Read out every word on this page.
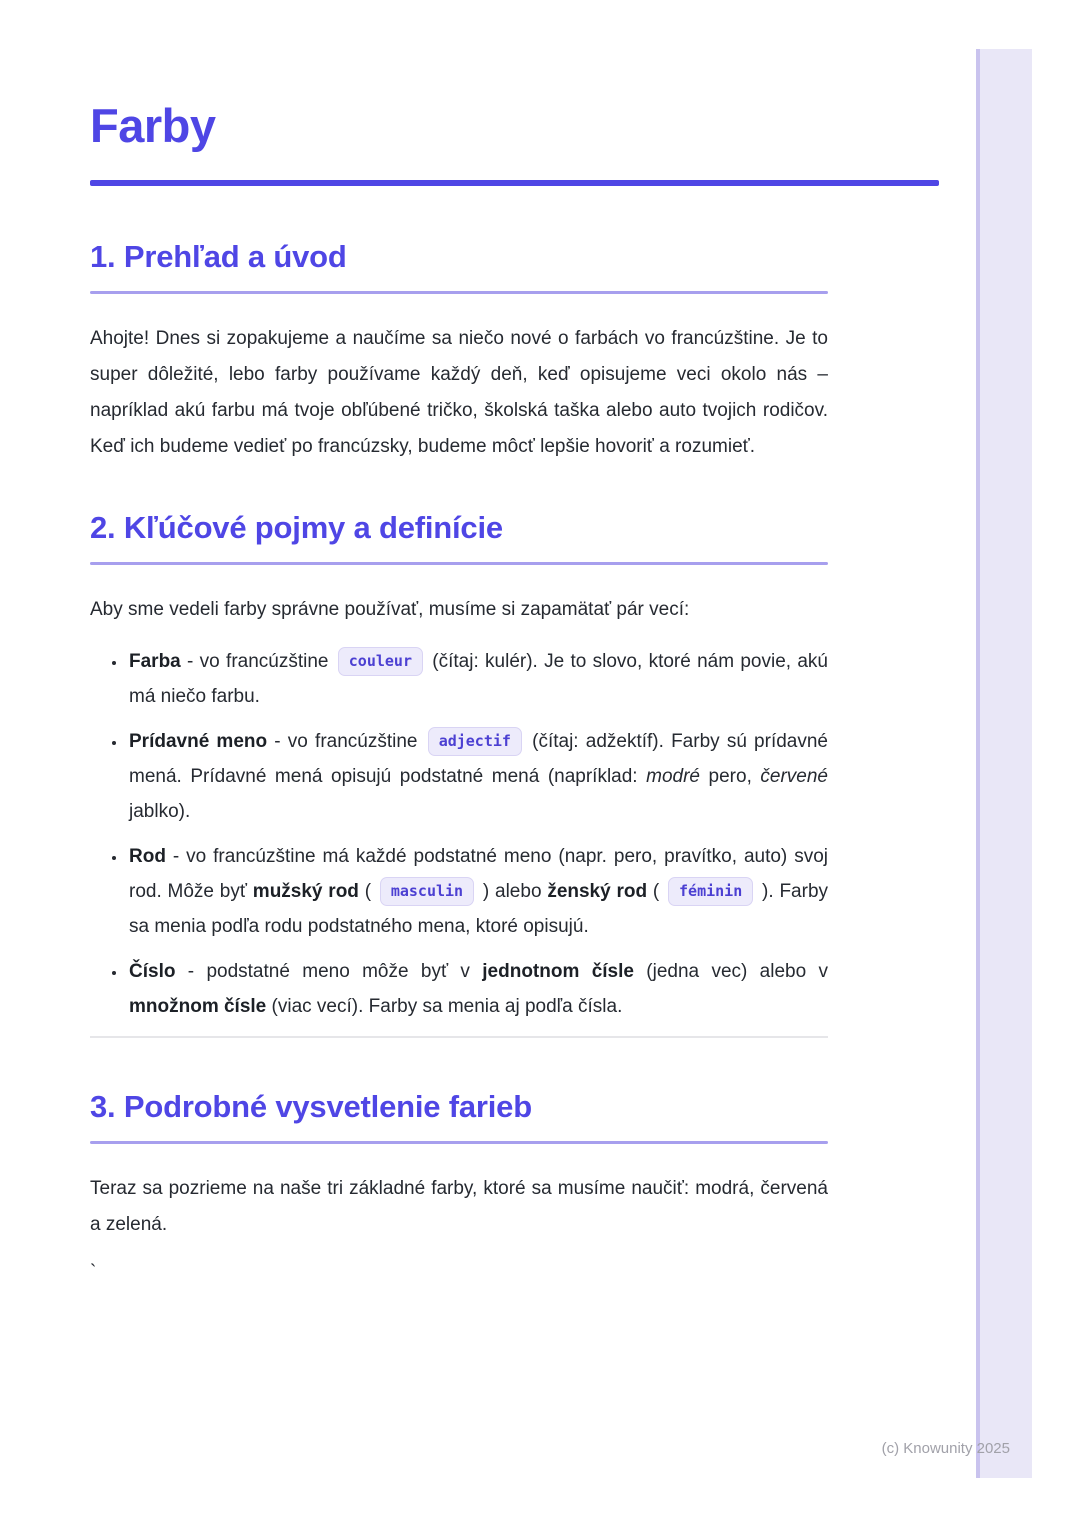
Farby
1. Prehľad a úvod

Ahojte! Dnes si zopakujeme a naučíme sa niečo nové o farbách vo francúzštine. Je to super dôležité, lebo farby používame každý deň, keď opisujeme veci okolo nás – napríklad akú farbu má tvoje obľúbené tričko, školská taška alebo auto tvojich rodičov. Keď ich budeme vedieť po francúzsky, budeme môcť lepšie hovoriť a rozumieť.

2. Kľúčové pojmy a definície

Aby sme vedeli farby správne používať, musíme si zapamätať pár vecí:

• Farba - vo francúzštine couleur (čítaj: kulér). Je to slovo, ktoré nám povie, akú má niečo farbu.
• Prídavné meno - vo francúzštine adjectif (čítaj: adžektíf). Farby sú prídavné mená. Prídavné mená opisujú podstatné mená (napríklad: modré pero, červené jablko).
• Rod - vo francúzštine má každé podstatné meno (napr. pero, pravítko, auto) svoj rod. Môže byť mužský rod ( masculin ) alebo ženský rod ( féminin ). Farby sa menia podľa rodu podstatného mena, ktoré opisujú.
• Číslo - podstatné meno môže byť v jednotnom čísle (jedna vec) alebo v množnom čísle (viac vecí). Farby sa menia aj podľa čísla.
3. Podrobné vysvetlenie farieb

Teraz sa pozrieme na naše tri základné farby, ktoré sa musíme naučiť: modrá, červená a zelená.

`

(c) Knowunity 2025
